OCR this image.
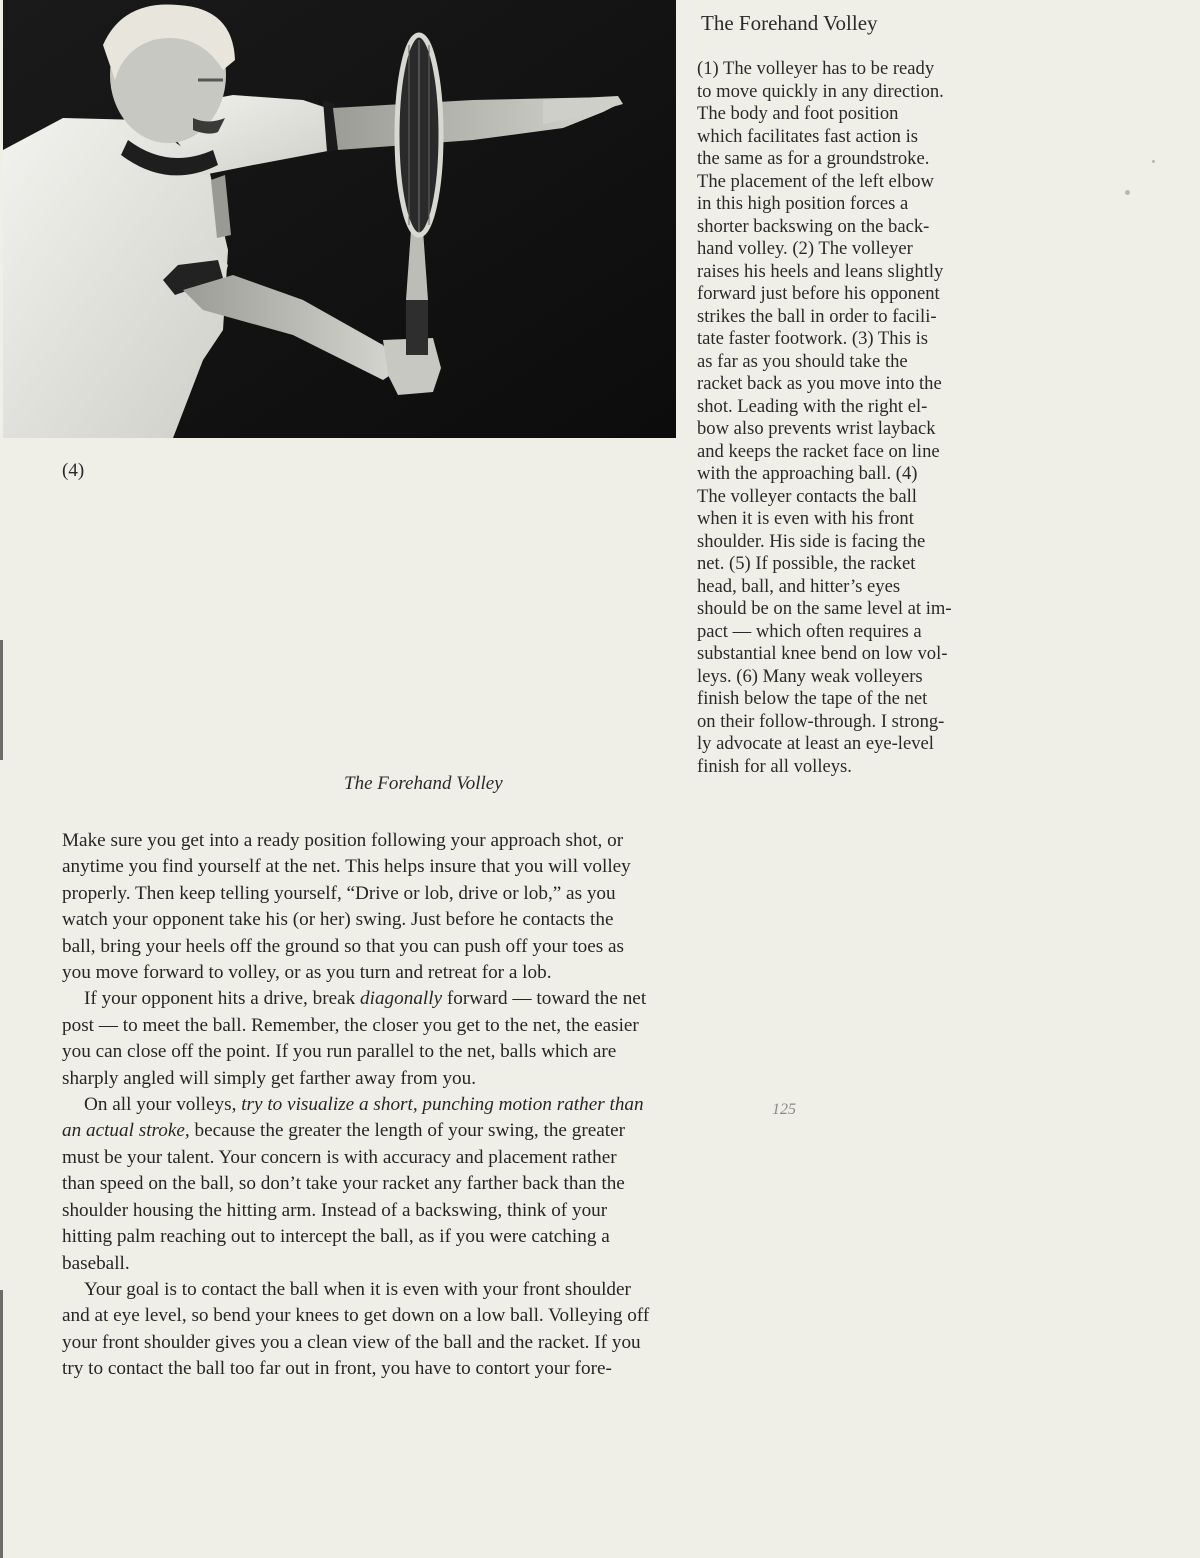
(4)
The Forehand Volley
(1) The volleyer has to be ready
to move quickly in any direction.
The body and foot position
which facilitates fast action is
the same as for a groundstroke.
The placement of the left elbow
in this high position forces a
shorter backswing on the back-
hand volley. (2) The volleyer
raises his heels and leans slightly
forward just before his opponent
strikes the ball in order to facili-
tate faster footwork. (3) This is
as far as you should take the
racket back as you move into the
shot. Leading with the right el-
bow also prevents wrist layback
and keeps the racket face on line
with the approaching ball. (4)
The volleyer contacts the ball
when it is even with his front
shoulder. His side is facing the
net. (5) If possible, the racket
head, ball, and hitter’s eyes
should be on the same level at im-
pact — which often requires a
substantial knee bend on low vol-
leys. (6) Many weak volleyers
finish below the tape of the net
on their follow-through. I strong-
ly advocate at least an eye-level
finish for all volleys.
The Forehand Volley
Make sure you get into a ready position following your approach shot, or
anytime you find yourself at the net. This helps insure that you will volley
properly. Then keep telling yourself, “Drive or lob, drive or lob,” as you
watch your opponent take his (or her) swing. Just before he contacts the
ball, bring your heels off the ground so that you can push off your toes as
you move forward to volley, or as you turn and retreat for a lob.
If your opponent hits a drive, break diagonally forward — toward the net
post — to meet the ball. Remember, the closer you get to the net, the easier
you can close off the point. If you run parallel to the net, balls which are
sharply angled will simply get farther away from you.
On all your volleys, try to visualize a short, punching motion rather than
an actual stroke, because the greater the length of your swing, the greater
must be your talent. Your concern is with accuracy and placement rather
than speed on the ball, so don’t take your racket any farther back than the
shoulder housing the hitting arm. Instead of a backswing, think of your
hitting palm reaching out to intercept the ball, as if you were catching a
baseball.
Your goal is to contact the ball when it is even with your front shoulder
and at eye level, so bend your knees to get down on a low ball. Volleying off
your front shoulder gives you a clean view of the ball and the racket. If you
try to contact the ball too far out in front, you have to contort your fore-
125
